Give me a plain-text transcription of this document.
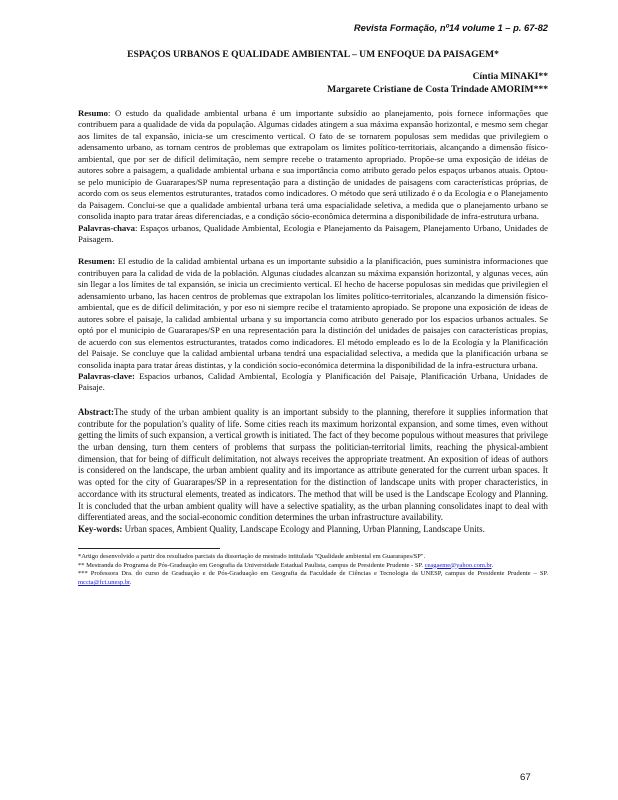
Revista Formação, nº14 volume 1 – p. 67-82

ESPAÇOS URBANOS E QUALIDADE AMBIENTAL – UM ENFOQUE DA PAISAGEM*

Cíntia MINAKI**

Margarete Cristiane de Costa Trindade AMORIM***

Resumo: O estudo da qualidade ambiental urbana é um importante subsídio ao planejamento, pois fornece informações que contribuem para a qualidade de vida da população. Algumas cidades atingem a sua máxima expansão horizontal, e mesmo sem chegar aos limites de tal expansão, inicia-se um crescimento vertical. O fato de se tornarem populosas sem medidas que privilegiem o adensamento urbano, as tornam centros de problemas que extrapolam os limites político-territoriais, alcançando a dimensão físico-ambiental, que por ser de difícil delimitação, nem sempre recebe o tratamento apropriado. Propõe-se uma exposição de idéias de autores sobre a paisagem, a qualidade ambiental urbana e sua importância como atributo gerado pelos espaços urbanos atuais. Optou-se pelo município de Guararapes/SP numa representação para a distinção de unidades de paisagens com características próprias, de acordo com os seus elementos estruturantes, tratados como indicadores. O método que será utilizado é o da Ecologia e o Planejamento da Paisagem. Conclui-se que a qualidade ambiental urbana terá uma espacialidade seletiva, a medida que o planejamento urbano se consolida inapto para tratar áreas diferenciadas, e a condição sócio-econômica determina a disponibilidade de infra-estrutura urbana.

Palavras-chava: Espaços urbanos, Qualidade Ambiental, Ecologia e Planejamento da Paisagem, Planejamento Urbano, Unidades de Paisagem.

Resumen: El estudio de la calidad ambiental urbana es un importante subsidio a la planificación, pues suministra informaciones que contribuyen para la calidad de vida de la población. Algunas ciudades alcanzan su máxima expansión horizontal, y algunas veces, aún sin llegar a los límites de tal expansión, se inicia un crecimiento vertical. El hecho de hacerse populosas sin medidas que privilegien el adensamiento urbano, las hacen centros de problemas que extrapolan los límites político-territoriales, alcanzando la dimensión físico-ambiental, que es de difícil delimitación, y por eso ni siempre recibe el tratamiento apropiado. Se propone una exposición de ideas de autores sobre el paisaje, la calidad ambiental urbana y su importancia como atributo generado por los espacios urbanos actuales. Se optó por el municipio de Guararapes/SP en una representación para la distinción del unidades de paisajes con características propias, de acuerdo con sus elementos estructurantes, tratados como indicadores. El método empleado es lo de la Ecología y la Planificación del Paisaje. Se concluye que la calidad ambiental urbana tendrá una espacialidad selectiva, a medida que la planificación urbana se consolida inapta para tratar áreas distintas, y la condición socio-económica determina la disponibilidad de la infra-estructura urbana.

Palavras-clave: Espacios urbanos, Calidad Ambiental, Ecología y Planificación del Paisaje, Planificación Urbana, Unidades de Paisaje.

Abstract:The study of the urban ambient quality is an important subsidy to the planning, therefore it supplies information that contribute for the population’s quality of life. Some cities reach its maximum horizontal expansion, and some times, even without getting the limits of such expansion, a vertical growth is initiated. The fact of they become populous without measures that privilege the urban densing, turn them centers of problems that surpass the politician-territorial limits, reaching the physical-ambient dimension, that for being of difficult delimitation, not always receives the appropriate treatment. An exposition of ideas of authors is considered on the landscape, the urban ambient quality and its importance as attribute generated for the current urban spaces. It was opted for the city of Guararapes/SP in a representation for the distinction of landscape units with proper characteristics, in accordance with its structural elements, treated as indicators. The method that will be used is the Landscape Ecology and Planning. It is concluded that the urban ambient quality will have a selective spatiality, as the urban planning consolidates inapt to deal with differentiated areas, and the social-economic condition determines the urban infrastructure availability.

Key-words: Urban spaces, Ambient Quality, Landscape Ecology and Planning, Urban Planning, Landscape Units.

*Artigo desenvolvido a partir dos resultados parciais da dissertação de mestrado intitulada "Qualidade ambiental em Guararapes/SP".

** Mestranda do Programa de Pós-Graduação em Geografia da Universidade Estadual Paulista, campus de Presidente Prudente - SP. ceagaeme@yahoo.com.br.

*** Professora Dra. do curso de Graduação e de Pós-Graduação em Geografia da Faculdade de Ciências e Tecnologia da UNESP, campus de Presidente Prudente – SP. mccta@fct.unesp.br.

67
